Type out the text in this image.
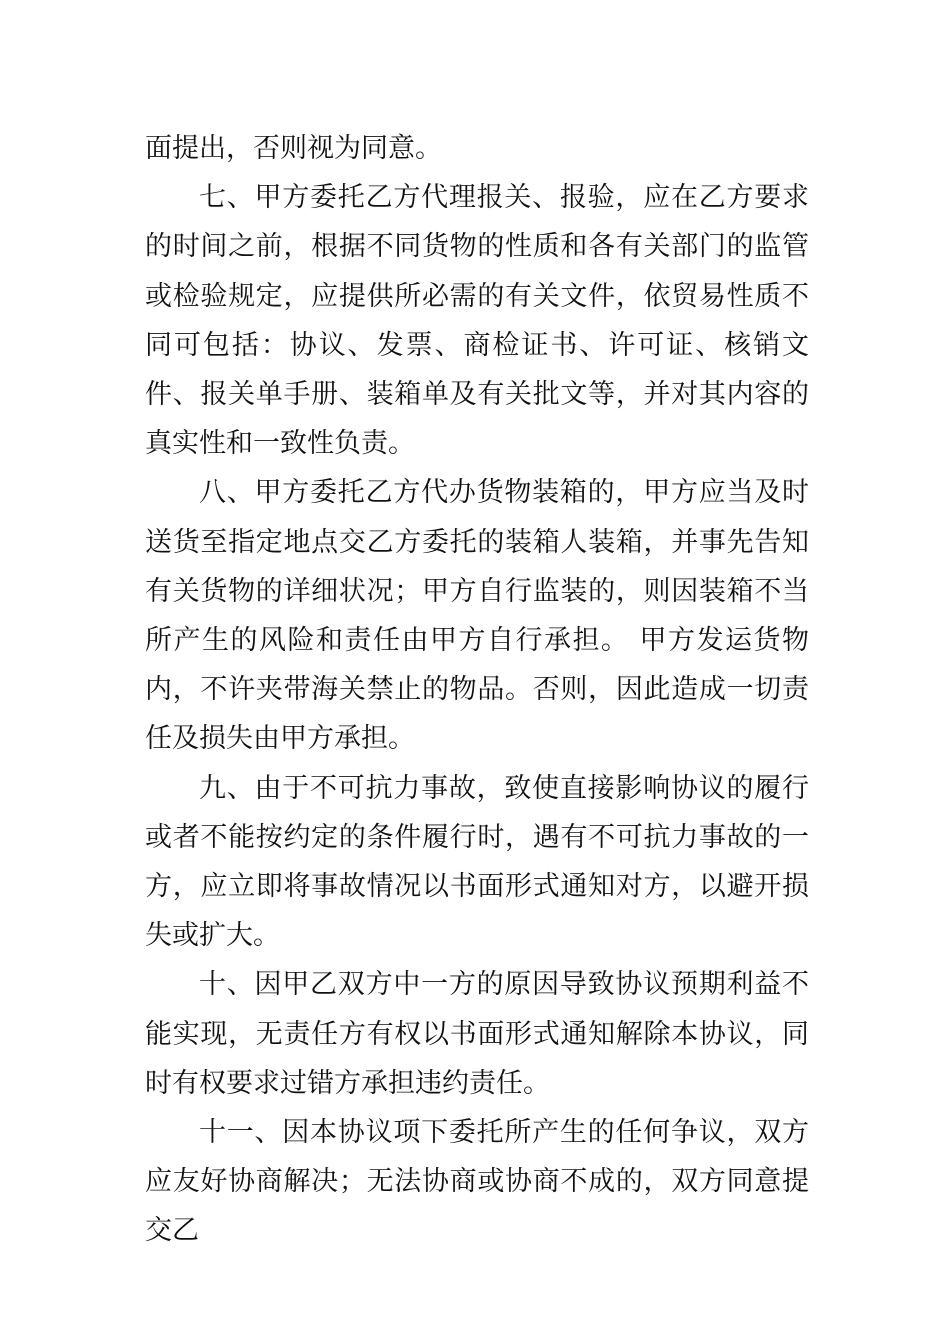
面提出，否则视为同意。

七、甲方委托乙方代理报关、报验，应在乙方要求的时间之前，根据不同货物的性质和各有关部门的监管或检验规定，应提供所必需的有关文件，依贸易性质不同可包括：协议、发票、商检证书、许可证、核销文件、报关单手册、装箱单及有关批文等，并对其内容的真实性和一致性负责。

八、甲方委托乙方代办货物装箱的，甲方应当及时送货至指定地点交乙方委托的装箱人装箱，并事先告知有关货物的详细状况；甲方自行监装的，则因装箱不当所产生的风险和责任由甲方自行承担。 甲方发运货物内，不许夹带海关禁止的物品。否则，因此造成一切责任及损失由甲方承担。

九、由于不可抗力事故，致使直接影响协议的履行或者不能按约定的条件履行时，遇有不可抗力事故的一方，应立即将事故情况以书面形式通知对方，以避开损失或扩大。

十、因甲乙双方中一方的原因导致协议预期利益不能实现，无责任方有权以书面形式通知解除本协议，同时有权要求过错方承担违约责任。

十一、因本协议项下委托所产生的任何争议，双方应友好协商解决；无法协商或协商不成的，双方同意提交乙
